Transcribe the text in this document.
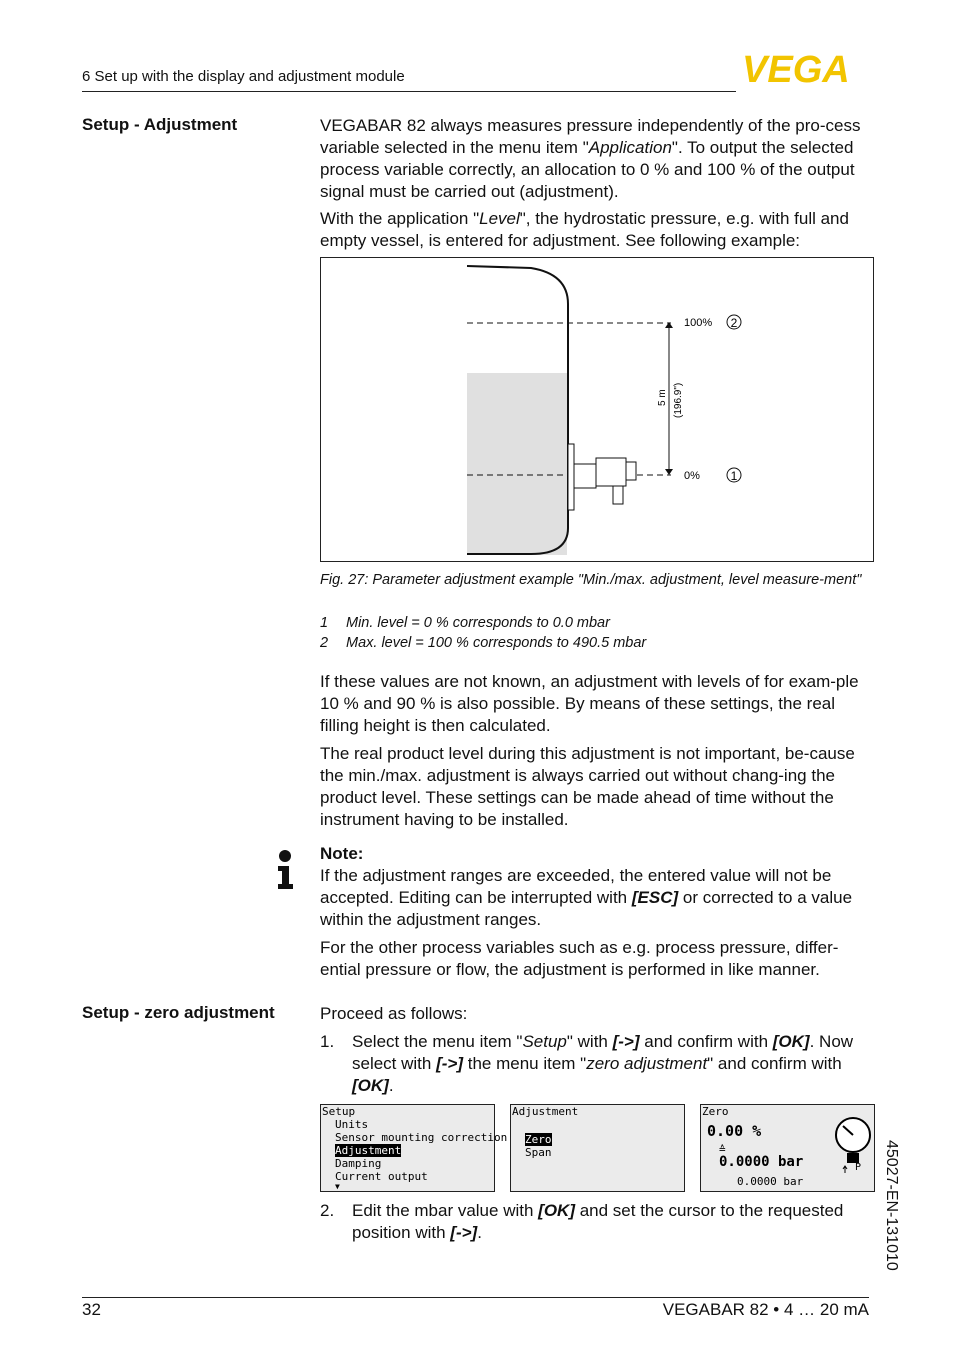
6 Set up with the display and adjustment module	VEGA
Setup - Adjustment	VEGABAR 82 always measures pressure independently of the pro-cess variable selected in the menu item "Application". To output the selected process variable correctly, an allocation to 0 % and 100 % of the output signal must be carried out (adjustment).
With the application "Level", the hydrostatic pressure, e.g. with full and empty vessel, is entered for adjustment. See following example:
100% 2
0%	1
5 m (196.9")
Fig. 27: Parameter adjustment example "Min./max. adjustment, level measure-ment"
1 Min. level = 0 % corresponds to 0.0 mbar
2 Max. level = 100 % corresponds to 490.5 mbar
If these values are not known, an adjustment with levels of for exam-ple 10 % and 90 % is also possible. By means of these settings, the real filling height is then calculated.
The real product level during this adjustment is not important, be-cause the min./max. adjustment is always carried out without chang-ing the product level. These settings can be made ahead of time without the instrument having to be installed.
Note:
If the adjustment ranges are exceeded, the entered value will not be accepted. Editing can be interrupted with [ESC] or corrected to a value within the adjustment ranges.
For the other process variables such as e.g. process pressure, differ-ential pressure or flow, the adjustment is performed in like manner.
Setup - zero adjustment	Proceed as follows:
1.	Select the menu item "Setup" with [->] and confirm with [OK]. Now select with [->] the menu item "zero adjustment" and confirm with [OK].
Setup
Units
Sensor mounting correction
Adjustment
Damping
Current output
▼
Adjustment
Zero
Span
Zero
0.00 %
≙
0.0000 bar
0.0000 bar
P
2.	Edit the mbar value with [OK] and set the cursor to the requested position with [->].	45027-EN-131010
32	VEGABAR 82 • 4 … 20 mA
